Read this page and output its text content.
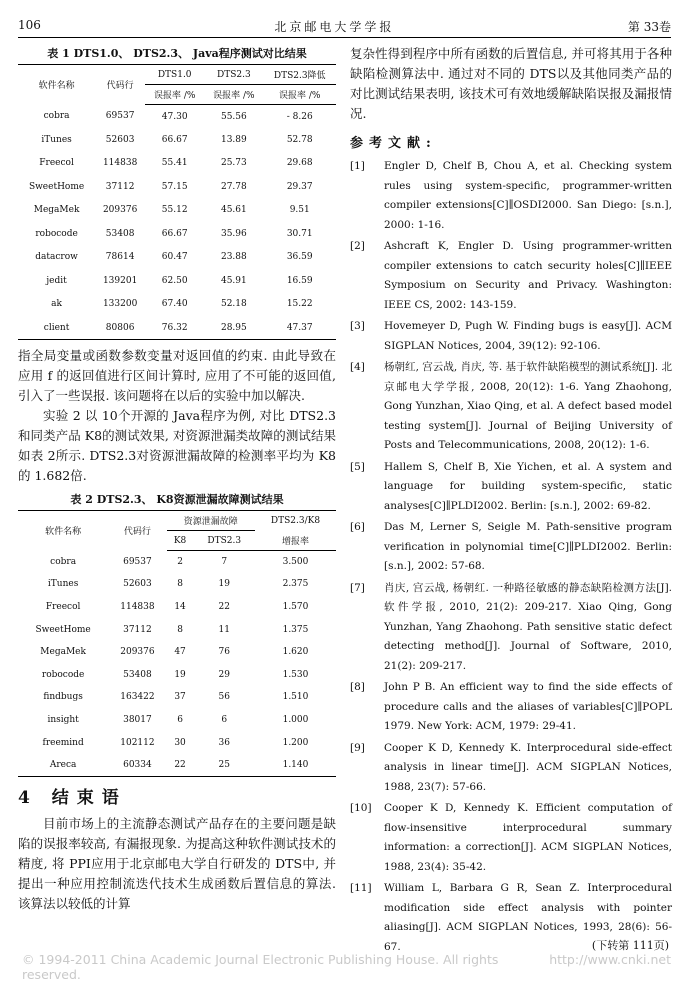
106	北京邮电大学学报	第 33卷
表 1 DTS1.0、 DTS2.3、 Java程序测试对比结果
软件名称	代码行	DTS1.0	DTS2.3	DTS2.3降低
		误报率 /%	误报率 /%	误报率 /%
cobra	69537	47.30	55.56	- 8.26
iTunes	52603	66.67	13.89	52.78
Freecol	114838	55.41	25.73	29.68
SweetHome	37112	57.15	27.78	29.37
MegaMek	209376	55.12	45.61	9.51
robocode	53408	66.67	35.96	30.71
datacrow	78614	60.47	23.88	36.59
jedit	139201	62.50	45.91	16.59
ak	133200	67.40	52.18	15.22
client	80806	76.32	28.95	47.37

指全局变量或函数参数变量对返回值的约束. 由此导致在应用 f 的返回值进行区间计算时, 应用了不可能的返回值, 引入了一些误报. 该问题将在以后的实验中加以解决.

实验 2 以 10个开源的 Java程序为例, 对比 DTS2.3和同类产品 K8的测试效果, 对资源泄漏类故障的测试结果如表 2所示. DTS2.3对资源泄漏故障的检测率平均为 K8的 1.682倍.

表 2 DTS2.3、 K8资源泄漏故障测试结果
软件名称	代码行	资源泄漏故障		DTS2.3/K8
		K8	DTS2.3	增报率
cobra	69537	2	7	3.500
iTunes	52603	8	19	2.375
Freecol	114838	14	22	1.570
SweetHome	37112	8	11	1.375
MegaMek	209376	47	76	1.620
robocode	53408	19	29	1.530
findbugs	163422	37	56	1.510
insight	38017	6	6	1.000
freemind	102112	30	36	1.200
Areca	60334	22	25	1.140
4 结束语

目前市场上的主流静态测试产品存在的主要问题是缺陷的误报率较高, 有漏报现象. 为提高这种软件测试技术的精度, 将 PPI应用于北京邮电大学自行研发的 DTS中, 并提出一种应用控制流迭代技术生成函数后置信息的算法. 该算法以较低的计算

复杂性得到程序中所有函数的后置信息, 并可将其用于各种缺陷检测算法中. 通过对不同的 DTS以及其他同类产品的对比测试结果表明, 该技术可有效地缓解缺陷误报及漏报情况.

参考文献:
[1]	Engler D, Chelf B, Chou A, et al. Checking system rules using system-specific, programmer-written compiler extensions[C]∥OSDI2000. San Diego: [s.n.], 2000: 1-16.
[2]	Ashcraft K, Engler D. Using programmer-written compiler extensions to catch security holes[C]∥IEEE Symposium on Security and Privacy. Washington: IEEE CS, 2002: 143-159.
[3]	Hovemeyer D, Pugh W. Finding bugs is easy[J]. ACM SIGPLAN Notices, 2004, 39(12): 92-106.
[4]	杨朝红, 宫云战, 肖庆, 等. 基于软件缺陷模型的测试系统[J]. 北京邮电大学学报, 2008, 20(12): 1-6. Yang Zhaohong, Gong Yunzhan, Xiao Qing, et al. A defect based model testing system[J]. Journal of Beijing University of Posts and Telecommunications, 2008, 20(12): 1-6.
[5]	Hallem S, Chelf B, Xie Yichen, et al. A system and language for building system-specific, static analyses[C]∥PLDI2002. Berlin: [s.n.], 2002: 69-82.
[6]	Das M, Lerner S, Seigle M. Path-sensitive program verification in polynomial time[C]∥PLDI2002. Berlin: [s.n.], 2002: 57-68.
[7]	肖庆, 宫云战, 杨朝红. 一种路径敏感的静态缺陷检测方法[J]. 软件学报, 2010, 21(2): 209-217. Xiao Qing, Gong Yunzhan, Yang Zhaohong. Path sensitive static defect detecting method[J]. Journal of Software, 2010, 21(2): 209-217.
[8]	John P B. An efficient way to find the side effects of procedure calls and the aliases of variables[C]∥POPL 1979. New York: ACM, 1979: 29-41.
[9]	Cooper K D, Kennedy K. Interprocedural side-effect analysis in linear time[J]. ACM SIGPLAN Notices, 1988, 23(7): 57-66.
[10]	Cooper K D, Kennedy K. Efficient computation of flow-insensitive interprocedural summary information: a correction[J]. ACM SIGPLAN Notices, 1988, 23(4): 35-42.
[11]	William L, Barbara G R, Sean Z. Interprocedural modification side effect analysis with pointer aliasing[J]. ACM SIGPLAN Notices, 1993, 28(6): 56-67.	(下转第 111页)
© 1994-2011 China Academic Journal Electronic Publishing House. All rights reserved.
http://www.cnki.net
